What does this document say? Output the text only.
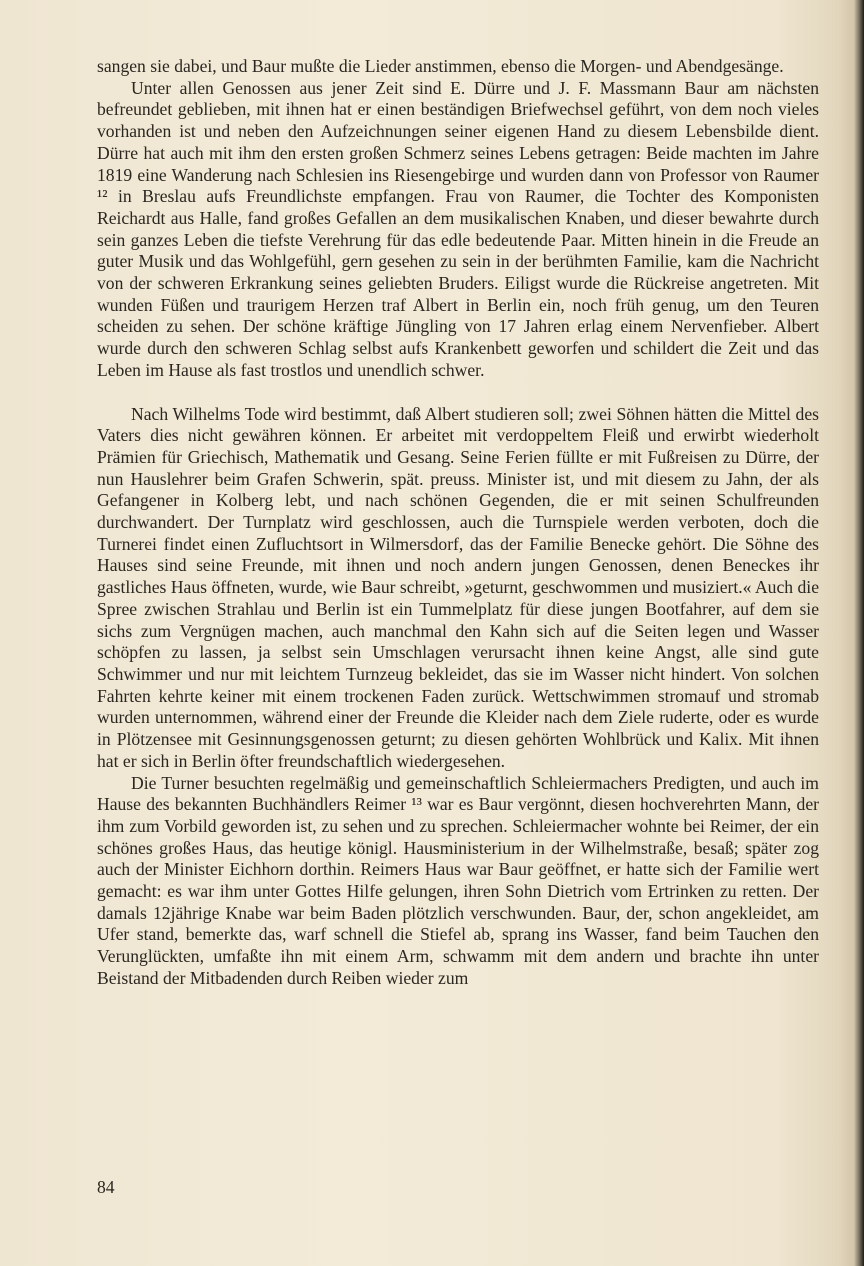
sangen sie dabei, und Baur mußte die Lieder anstimmen, ebenso die Morgen- und Abendgesänge.

Unter allen Genossen aus jener Zeit sind E. Dürre und J. F. Massmann Baur am nächsten befreundet geblieben, mit ihnen hat er einen beständigen Briefwechsel geführt, von dem noch vieles vorhanden ist und neben den Aufzeichnungen seiner eigenen Hand zu diesem Lebensbilde dient. Dürre hat auch mit ihm den ersten großen Schmerz seines Lebens getragen: Beide machten im Jahre 1819 eine Wanderung nach Schlesien ins Riesengebirge und wurden dann von Professor von Raumer ¹² in Breslau aufs Freundlichste empfangen. Frau von Raumer, die Tochter des Komponisten Reichardt aus Halle, fand großes Gefallen an dem musikalischen Knaben, und dieser bewahrte durch sein ganzes Leben die tiefste Verehrung für das edle bedeutende Paar. Mitten hinein in die Freude an guter Musik und das Wohlgefühl, gern gesehen zu sein in der berühmten Familie, kam die Nachricht von der schweren Erkrankung seines geliebten Bruders. Eiligst wurde die Rückreise angetreten. Mit wunden Füßen und traurigem Herzen traf Albert in Berlin ein, noch früh genug, um den Teuren scheiden zu sehen. Der schöne kräftige Jüngling von 17 Jahren erlag einem Nervenfieber. Albert wurde durch den schweren Schlag selbst aufs Krankenbett geworfen und schildert die Zeit und das Leben im Hause als fast trostlos und unendlich schwer.

Nach Wilhelms Tode wird bestimmt, daß Albert studieren soll; zwei Söhnen hätten die Mittel des Vaters dies nicht gewähren können. Er arbeitet mit verdoppeltem Fleiß und erwirbt wiederholt Prämien für Griechisch, Mathematik und Gesang. Seine Ferien füllte er mit Fußreisen zu Dürre, der nun Hauslehrer beim Grafen Schwerin, spät. preuss. Minister ist, und mit diesem zu Jahn, der als Gefangener in Kolberg lebt, und nach schönen Gegenden, die er mit seinen Schulfreunden durchwandert. Der Turnplatz wird geschlossen, auch die Turnspiele werden verboten, doch die Turnerei findet einen Zufluchtsort in Wilmersdorf, das der Familie Benecke gehört. Die Söhne des Hauses sind seine Freunde, mit ihnen und noch andern jungen Genossen, denen Beneckes ihr gastliches Haus öffneten, wurde, wie Baur schreibt, »geturnt, geschwommen und musiziert.« Auch die Spree zwischen Strahlau und Berlin ist ein Tummelplatz für diese jungen Bootfahrer, auf dem sie sichs zum Vergnügen machen, auch manchmal den Kahn sich auf die Seiten legen und Wasser schöpfen zu lassen, ja selbst sein Umschlagen verursacht ihnen keine Angst, alle sind gute Schwimmer und nur mit leichtem Turnzeug bekleidet, das sie im Wasser nicht hindert. Von solchen Fahrten kehrte keiner mit einem trockenen Faden zurück. Wettschwimmen stromauf und stromab wurden unternommen, während einer der Freunde die Kleider nach dem Ziele ruderte, oder es wurde in Plötzensee mit Gesinnungsgenossen geturnt; zu diesen gehörten Wohlbrück und Kalix. Mit ihnen hat er sich in Berlin öfter freundschaftlich wiedergesehen.

Die Turner besuchten regelmäßig und gemeinschaftlich Schleiermachers Predigten, und auch im Hause des bekannten Buchhändlers Reimer ¹³ war es Baur vergönnt, diesen hochverehrten Mann, der ihm zum Vorbild geworden ist, zu sehen und zu sprechen. Schleiermacher wohnte bei Reimer, der ein schönes großes Haus, das heutige königl. Hausministerium in der Wilhelmstraße, besaß; später zog auch der Minister Eichhorn dorthin. Reimers Haus war Baur geöffnet, er hatte sich der Familie wert gemacht: es war ihm unter Gottes Hilfe gelungen, ihren Sohn Dietrich vom Ertrinken zu retten. Der damals 12jährige Knabe war beim Baden plötzlich verschwunden. Baur, der, schon angekleidet, am Ufer stand, bemerkte das, warf schnell die Stiefel ab, sprang ins Wasser, fand beim Tauchen den Verunglückten, umfaßte ihn mit einem Arm, schwamm mit dem andern und brachte ihn unter Beistand der Mitbadenden durch Reiben wieder zum

84
